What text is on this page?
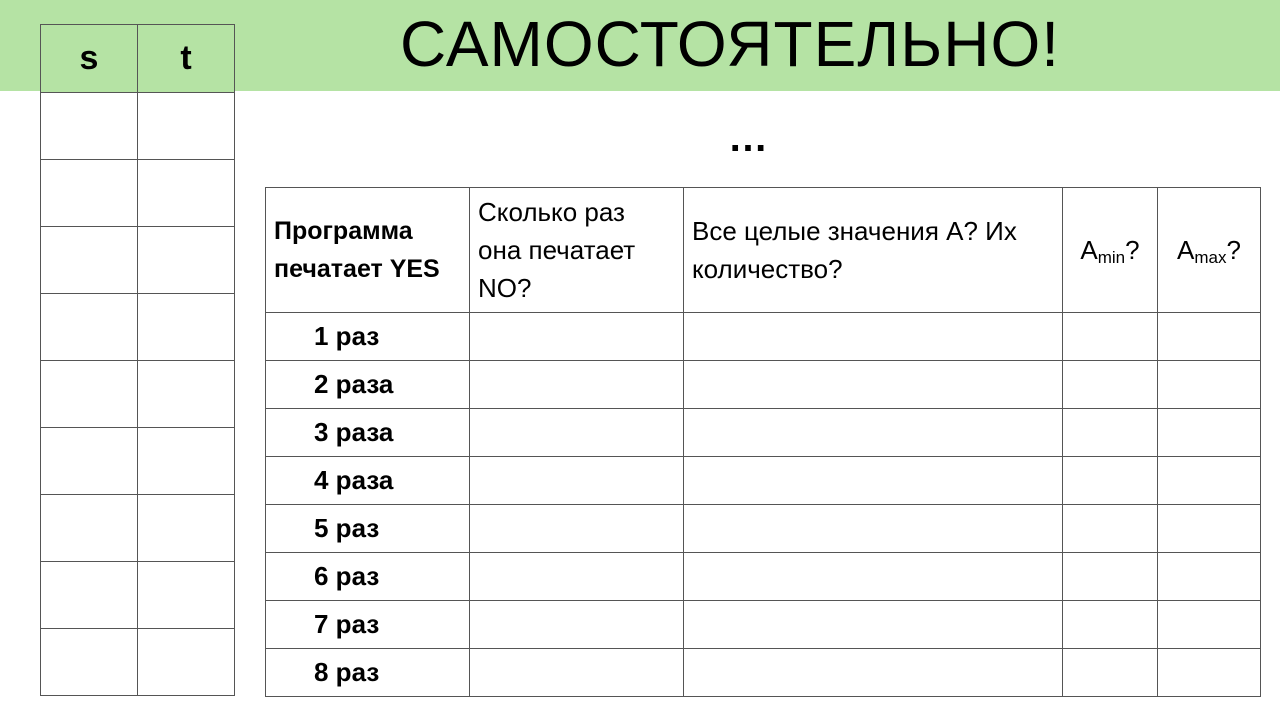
САМОСТОЯТЕЛЬНО!
…
s	t

Программа печатает YES	Сколько раз она печатает NO?	Все целые значения A? Их количество?	$A_{min}$?	$A_{max}$?
1 раз				
2 раза				
3 раза				
4 раза				
5 раз				
6 раз				
7 раз				
8 раз				
